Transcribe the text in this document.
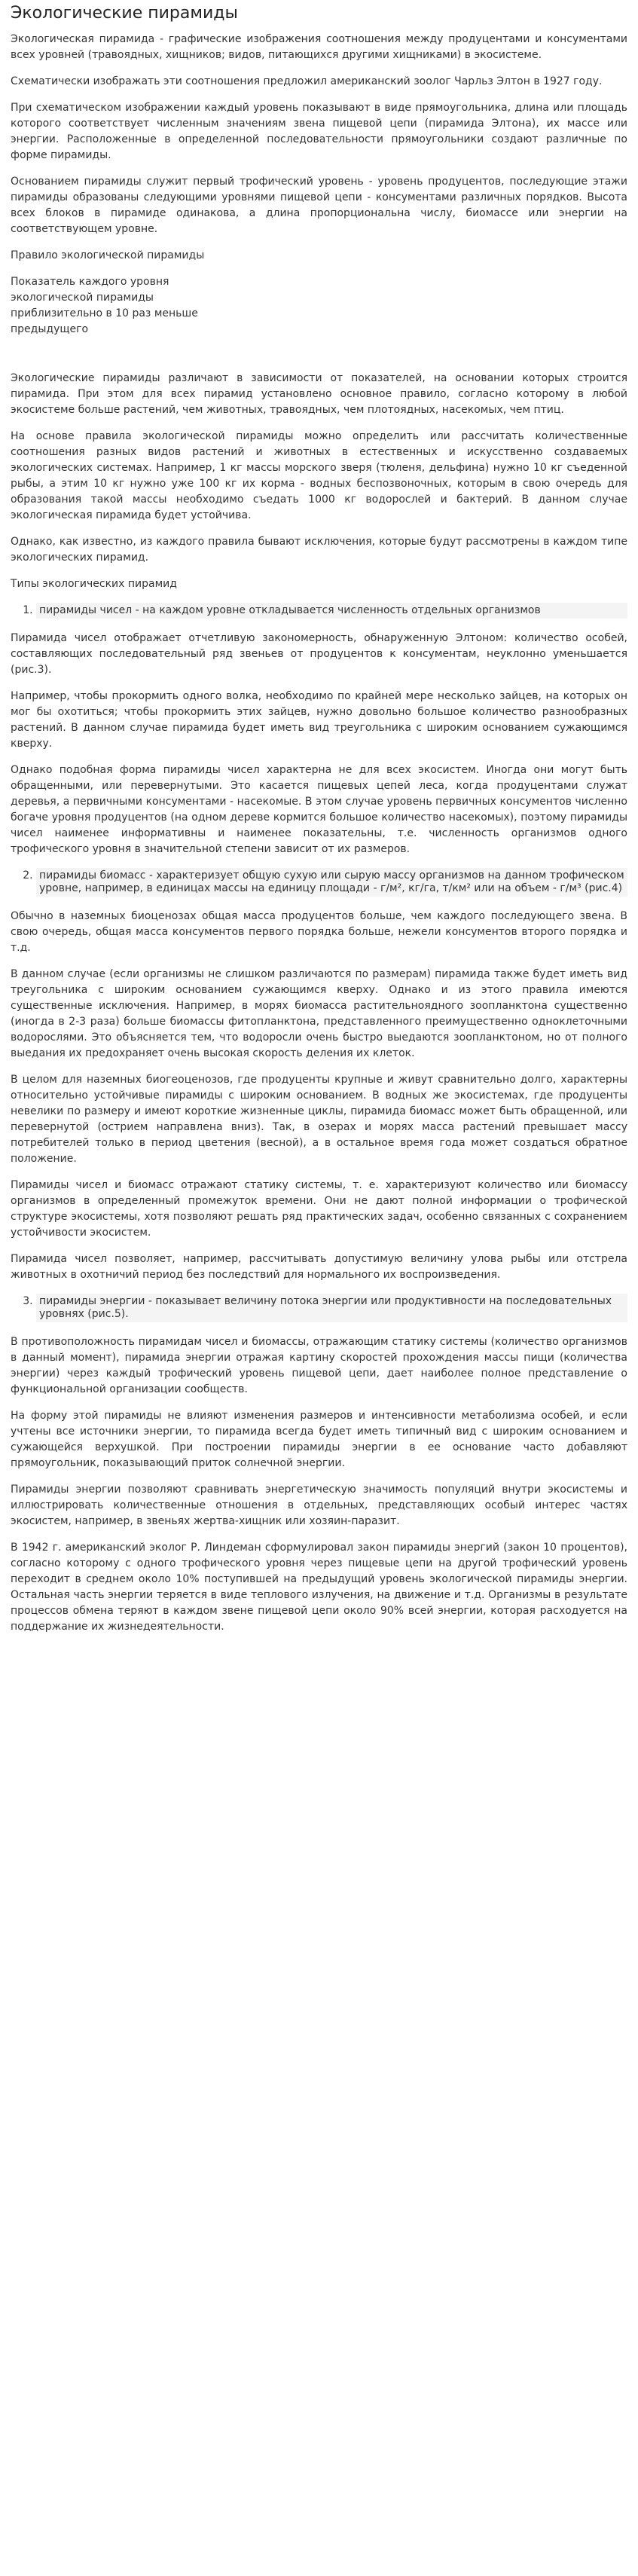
Экологические пирамиды

Экологическая пирамида - графические изображения соотношения между продуцентами и консументами всех уровней (травоядных, хищников; видов, питающихся другими хищниками) в экосистеме.

Схематически изображать эти соотношения предложил американский зоолог Чарльз Элтон в 1927 году.

При схематическом изображении каждый уровень показывают в виде прямоугольника, длина или площадь которого соответствует численным значениям звена пищевой цепи (пирамида Элтона), их массе или энергии. Расположенные в определенной последовательности прямоугольники создают различные по форме пирамиды.

Основанием пирамиды служит первый трофический уровень - уровень продуцентов, последующие этажи пирамиды образованы следующими уровнями пищевой цепи - консументами различных порядков. Высота всех блоков в пирамиде одинакова, а длина пропорциональна числу, биомассе или энергии на соответствующем уровне.

Правило экологической пирамиды

Показатель каждого уровня
экологической пирамиды
приблизительно в 10 раз меньше
предыдущего

Экологические пирамиды различают в зависимости от показателей, на основании которых строится пирамида. При этом для всех пирамид установлено основное правило, согласно которому в любой экосистеме больше растений, чем животных, травоядных, чем плотоядных, насекомых, чем птиц.

На основе правила экологической пирамиды можно определить или рассчитать количественные соотношения разных видов растений и животных в естественных и искусственно создаваемых экологических системах. Например, 1 кг массы морского зверя (тюленя, дельфина) нужно 10 кг съеденной рыбы, а этим 10 кг нужно уже 100 кг их корма - водных беспозвоночных, которым в свою очередь для образования такой массы необходимо съедать 1000 кг водорослей и бактерий. В данном случае экологическая пирамида будет устойчива.

Однако, как известно, из каждого правила бывают исключения, которые будут рассмотрены в каждом типе экологических пирамид.

Типы экологических пирамид

1. пирамиды чисел - на каждом уровне откладывается численность отдельных организмов

Пирамида чисел отображает отчетливую закономерность, обнаруженную Элтоном: количество особей, составляющих последовательный ряд звеньев от продуцентов к консументам, неуклонно уменьшается (рис.3).

Например, чтобы прокормить одного волка, необходимо по крайней мере несколько зайцев, на которых он мог бы охотиться; чтобы прокормить этих зайцев, нужно довольно большое количество разнообразных растений. В данном случае пирамида будет иметь вид треугольника с широким основанием сужающимся кверху.

Однако подобная форма пирамиды чисел характерна не для всех экосистем. Иногда они могут быть обращенными, или перевернутыми. Это касается пищевых цепей леса, когда продуцентами служат деревья, а первичными консументами - насекомые. В этом случае уровень первичных консументов численно богаче уровня продуцентов (на одном дереве кормится большое количество насекомых), поэтому пирамиды чисел наименее информативны и наименее показательны, т.е. численность организмов одного трофического уровня в значительной степени зависит от их размеров.

2. пирамиды биомасс - характеризует общую сухую или сырую массу организмов на данном трофическом уровне, например, в единицах массы на единицу площади - г/м², кг/га, т/км² или на объем - г/м³ (рис.4)

Обычно в наземных биоценозах общая масса продуцентов больше, чем каждого последующего звена. В свою очередь, общая масса консументов первого порядка больше, нежели консументов второго порядка и т.д.

В данном случае (если организмы не слишком различаются по размерам) пирамида также будет иметь вид треугольника с широким основанием сужающимся кверху. Однако и из этого правила имеются существенные исключения. Например, в морях биомасса растительноядного зоопланктона существенно (иногда в 2-3 раза) больше биомассы фитопланктона, представленного преимущественно одноклеточными водорослями. Это объясняется тем, что водоросли очень быстро выедаются зоопланктоном, но от полного выедания их предохраняет очень высокая скорость деления их клеток.

В целом для наземных биогеоценозов, где продуценты крупные и живут сравнительно долго, характерны относительно устойчивые пирамиды с широким основанием. В водных же экосистемах, где продуценты невелики по размеру и имеют короткие жизненные циклы, пирамида биомасс может быть обращенной, или перевернутой (острием направлена вниз). Так, в озерах и морях масса растений превышает массу потребителей только в период цветения (весной), а в остальное время года может создаться обратное положение.

Пирамиды чисел и биомасс отражают статику системы, т. е. характеризуют количество или биомассу организмов в определенный промежуток времени. Они не дают полной информации о трофической структуре экосистемы, хотя позволяют решать ряд практических задач, особенно связанных с сохранением устойчивости экосистем.

Пирамида чисел позволяет, например, рассчитывать допустимую величину улова рыбы или отстрела животных в охотничий период без последствий для нормального их воспроизведения.

3. пирамиды энергии - показывает величину потока энергии или продуктивности на последовательных уровнях (рис.5).

В противоположность пирамидам чисел и биомассы, отражающим статику системы (количество организмов в данный момент), пирамида энергии отражая картину скоростей прохождения массы пищи (количества энергии) через каждый трофический уровень пищевой цепи, дает наиболее полное представление о функциональной организации сообществ.

На форму этой пирамиды не влияют изменения размеров и интенсивности метаболизма особей, и если учтены все источники энергии, то пирамида всегда будет иметь типичный вид с широким основанием и сужающейся верхушкой. При построении пирамиды энергии в ее основание часто добавляют прямоугольник, показывающий приток солнечной энергии.

Пирамиды энергии позволяют сравнивать энергетическую значимость популяций внутри экосистемы и иллюстрировать количественные отношения в отдельных, представляющих особый интерес частях экосистем, например, в звеньях жертва-хищник или хозяин-паразит.

В 1942 г. американский эколог Р. Линдеман сформулировал закон пирамиды энергий (закон 10 процентов), согласно которому с одного трофического уровня через пищевые цепи на другой трофический уровень переходит в среднем около 10% поступившей на предыдущий уровень экологической пирамиды энергии. Остальная часть энергии теряется в виде теплового излучения, на движение и т.д. Организмы в результате процессов обмена теряют в каждом звене пищевой цепи около 90% всей энергии, которая расходуется на поддержание их жизнедеятельности.
